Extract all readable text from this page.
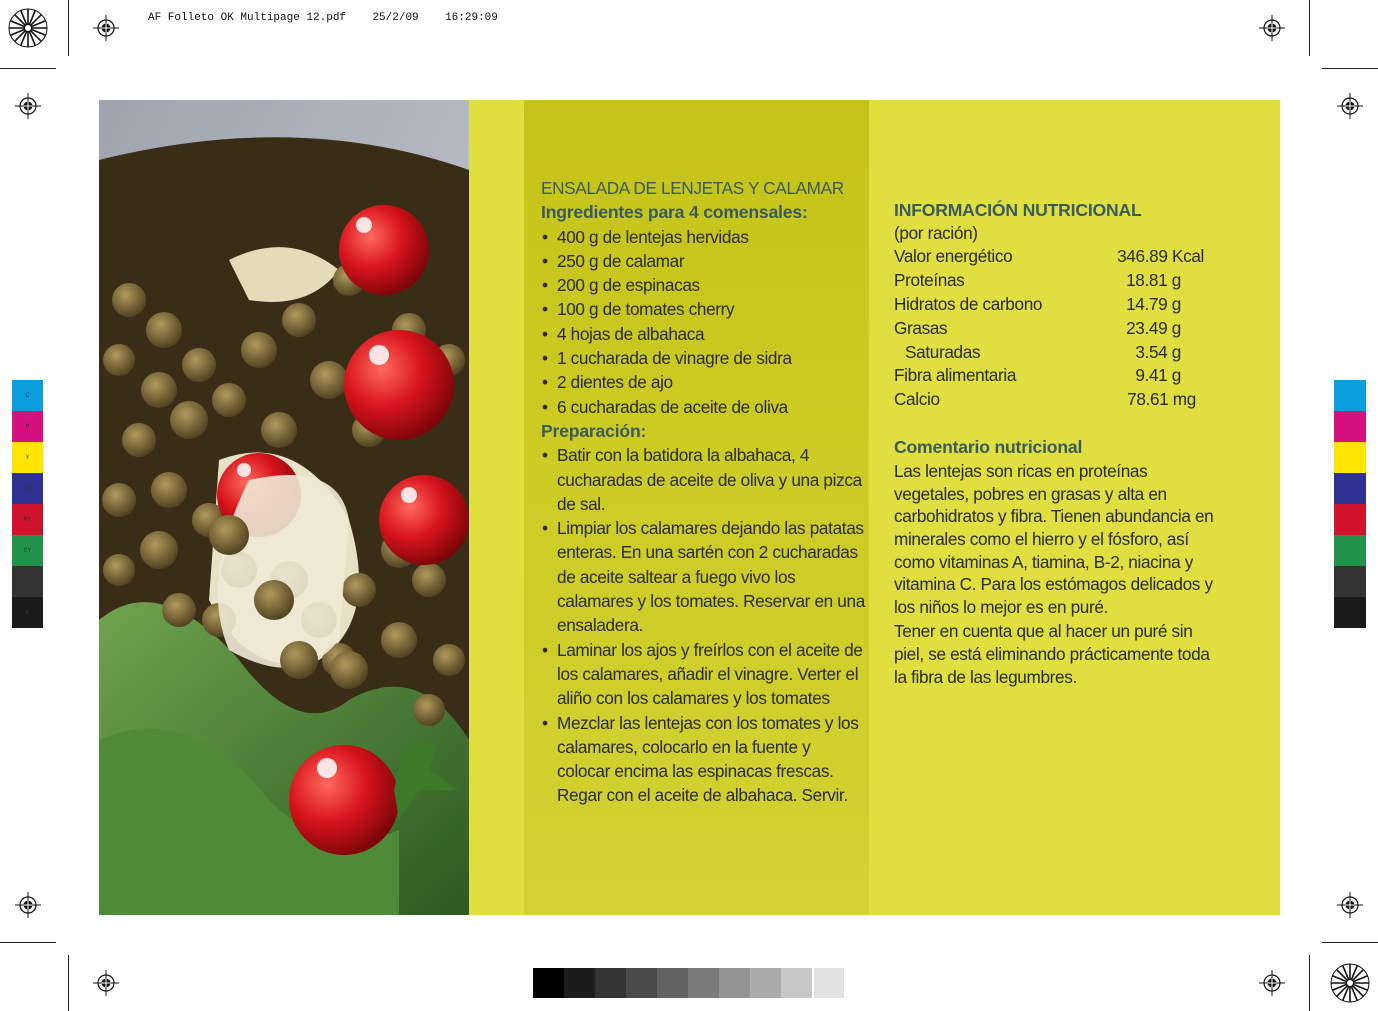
AF Folleto OK Multipage 12.pdf 25/2/09 16:29:09
C
M
Y
CM
MY
CY
CMY
K
ENSALADA DE LENJETAS Y CALAMAR
Ingredientes para 4 comensales:
• 400 g de lentejas hervidas
• 250 g de calamar
• 200 g de espinacas
• 100 g de tomates cherry
• 4 hojas de albahaca
• 1 cucharada de vinagre de sidra
• 2 dientes de ajo
• 6 cucharadas de aceite de oliva
Preparación:
• Batir con la batidora la albahaca, 4 cucharadas de aceite de oliva y una pizca de sal.
• Limpiar los calamares dejando las patatas enteras. En una sartén con 2 cucharadas de aceite saltear a fuego vivo los calamares y los tomates. Reservar en una ensaladera.
• Laminar los ajos y freírlos con el aceite de los calamares, añadir el vinagre. Verter el aliño con los calamares y los tomates
• Mezclar las lentejas con los tomates y los calamares, colocarlo en la fuente y colocar encima las espinacas frescas. Regar con el aceite de albahaca. Servir.
INFORMACIÓN NUTRICIONAL
(por ración)
Valor energético	346.89 Kcal
Proteínas	18.81 g
Hidratos de carbono	14.79 g
Grasas	23.49 g
Saturadas	3.54 g
Fibra alimentaria	9.41 g
Calcio	78.61 mg
Comentario nutricional

Las lentejas son ricas en proteínas vegetales, pobres en grasas y alta en carbohidratos y fibra. Tienen abundancia en minerales como el hierro y el fósforo, así como vitaminas A, tiamina, B-2, niacina y vitamina C. Para los estómagos delicados y los niños lo mejor es en puré.

Tener en cuenta que al hacer un puré sin piel, se está eliminando prácticamente toda la fibra de las legumbres.
